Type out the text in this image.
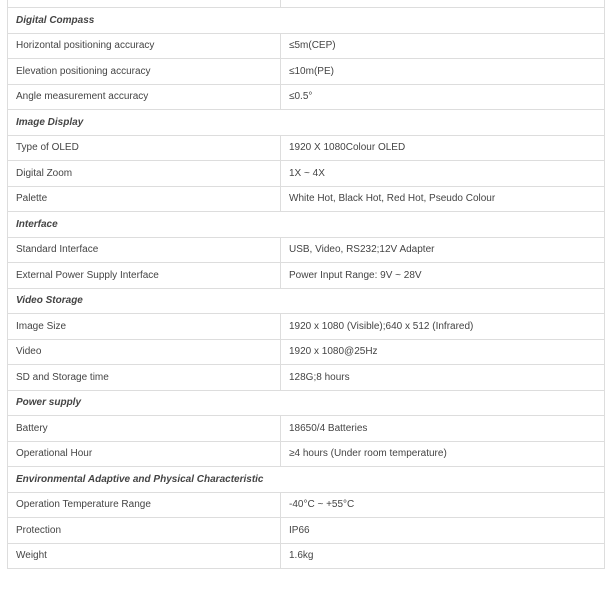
Digital Compass	
Horizontal positioning accuracy	≤5m(CEP)
Elevation positioning accuracy	≤10m(PE)
Angle measurement accuracy	≤0.5°
Image Display	
Type of OLED	1920 X 1080Colour OLED
Digital Zoom	1X ~ 4X
Palette	White Hot, Black Hot, Red Hot, Pseudo Colour
Interface	
Standard Interface	USB, Video, RS232;12V Adapter
External Power Supply Interface	Power Input Range: 9V ~ 28V
Video Storage	
Image Size	1920 x 1080 (Visible);640 x 512 (Infrared)
Video	1920 x 1080@25Hz
SD and Storage time	128G;8 hours
Power supply	
Battery	18650/4 Batteries
Operational Hour	≥4 hours (Under room temperature)
Environmental Adaptive and Physical Characteristic	
Operation Temperature Range	-40°C ~ +55°C
Protection	IP66
Weight	1.6kg
